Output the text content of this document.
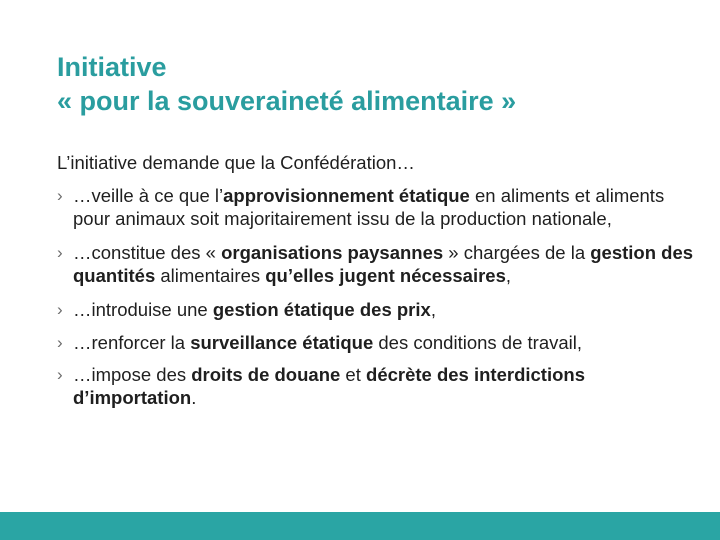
Initiative
« pour la souveraineté alimentaire »
L’initiative demande que la Confédération…
› …veille à ce que l’approvisionnement étatique en aliments et aliments pour animaux soit majoritairement issu de la production nationale,
› …constitue des « organisations paysannes » chargées de la gestion des quantités alimentaires qu’elles jugent nécessaires,
› …introduise une gestion étatique des prix,
› …renforcer la surveillance étatique des conditions de travail,
› …impose des droits de douane et décrète des interdictions d’importation.
